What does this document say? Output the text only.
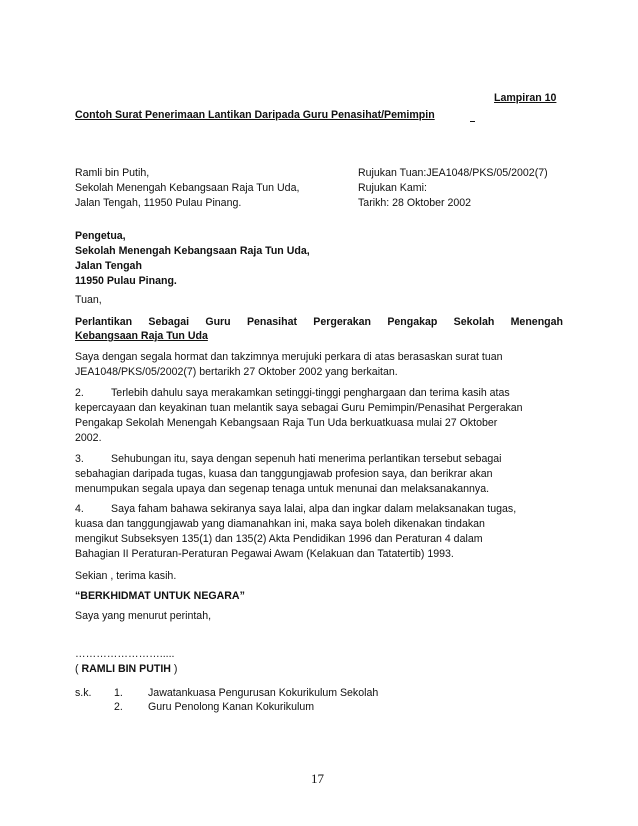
Lampiran 10
Contoh Surat Penerimaan Lantikan Daripada Guru Penasihat/Pemimpin
Ramli bin Putih,
Sekolah Menengah Kebangsaan Raja Tun Uda,
Jalan Tengah, 11950 Pulau Pinang.
Rujukan Tuan:JEA1048/PKS/05/2002(7)
Rujukan Kami:
Tarikh: 28 Oktober 2002
Pengetua,
Sekolah Menengah Kebangsaan Raja Tun Uda,
Jalan Tengah
11950 Pulau Pinang.
Tuan,
Perlantikan Sebagai Guru Penasihat Pergerakan Pengakap Sekolah Menengah
Kebangsaan Raja Tun Uda
Saya dengan segala hormat dan takzimnya merujuki perkara di atas berasaskan surat tuan
JEA1048/PKS/05/2002(7) bertarikh 27 Oktober 2002 yang berkaitan.
2.	Terlebih dahulu saya merakamkan setinggi-tinggi penghargaan dan terima kasih atas
kepercayaan dan keyakinan tuan melantik saya sebagai Guru Pemimpin/Penasihat Pergerakan
Pengakap Sekolah Menengah Kebangsaan Raja Tun Uda berkuatkuasa mulai 27 Oktober
2002.
3.	Sehubungan itu, saya dengan sepenuh hati menerima perlantikan tersebut sebagai
sebahagian daripada tugas, kuasa dan tanggungjawab profesion saya, dan berikrar akan
menumpukan segala upaya dan segenap tenaga untuk menunai dan melaksanakannya.
4.	Saya faham bahawa sekiranya saya lalai, alpa dan ingkar dalam melaksanakan tugas,
kuasa dan tanggungjawab yang diamanahkan ini, maka saya boleh dikenakan tindakan
mengikut Subseksyen 135(1) dan 135(2) Akta Pendidikan 1996 dan Peraturan 4 dalam
Bahagian II Peraturan-Peraturan Pegawai Awam (Kelakuan dan Tatatertib) 1993.
Sekian , terima kasih.
“BERKHIDMAT UNTUK NEGARA”
Saya yang menurut perintah,
…………………….....
( RAMLI BIN PUTIH )
s.k. 1. Jawatankuasa Pengurusan Kokurikulum Sekolah
2. Guru Penolong Kanan Kokurikulum
17
